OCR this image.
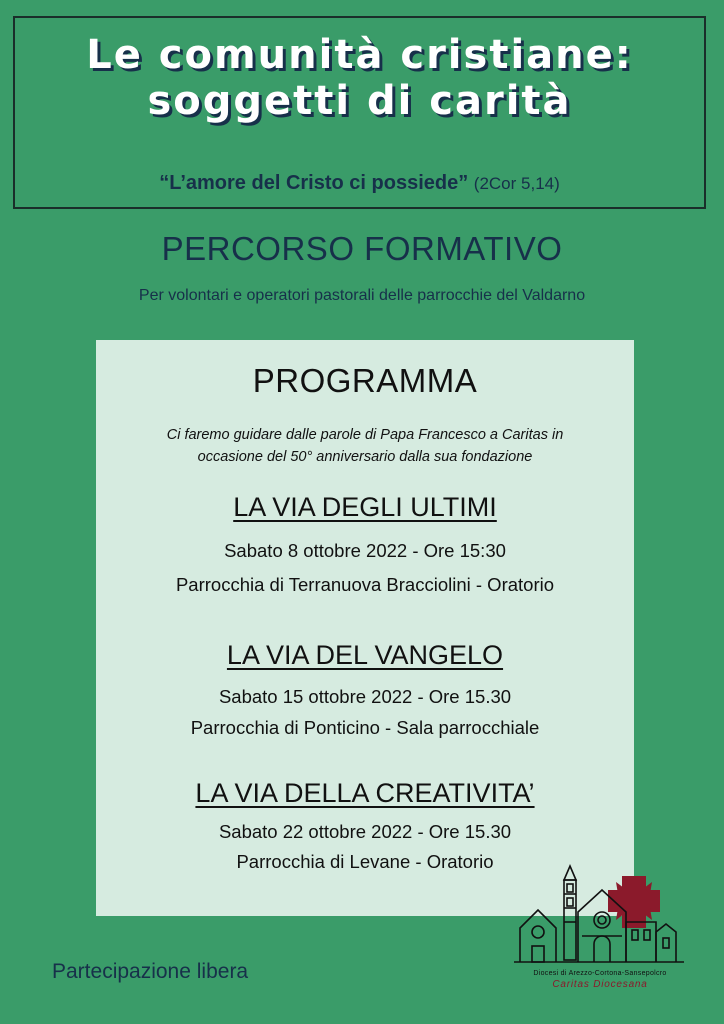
Le comunità cristiane:
soggetti di carità
“L’amore del Cristo ci possiede” (2Cor 5,14)
PERCORSO FORMATIVO
Per volontari e operatori pastorali delle parrocchie del Valdarno
PROGRAMMA
Ci faremo guidare dalle parole di Papa Francesco a Caritas in
occasione del 50° anniversario dalla sua fondazione
LA VIA DEGLI ULTIMI
Sabato 8 ottobre 2022 - Ore 15:30
Parrocchia di Terranuova Bracciolini - Oratorio
LA VIA DEL VANGELO
Sabato 15 ottobre 2022 - Ore 15.30
Parrocchia di Ponticino - Sala parrocchiale
LA VIA DELLA CREATIVITA’
Sabato 22 ottobre 2022 - Ore 15.30
Parrocchia di Levane - Oratorio
Partecipazione libera	Diocesi di Arezzo-Cortona-Sansepolcro
Caritas Diocesana
